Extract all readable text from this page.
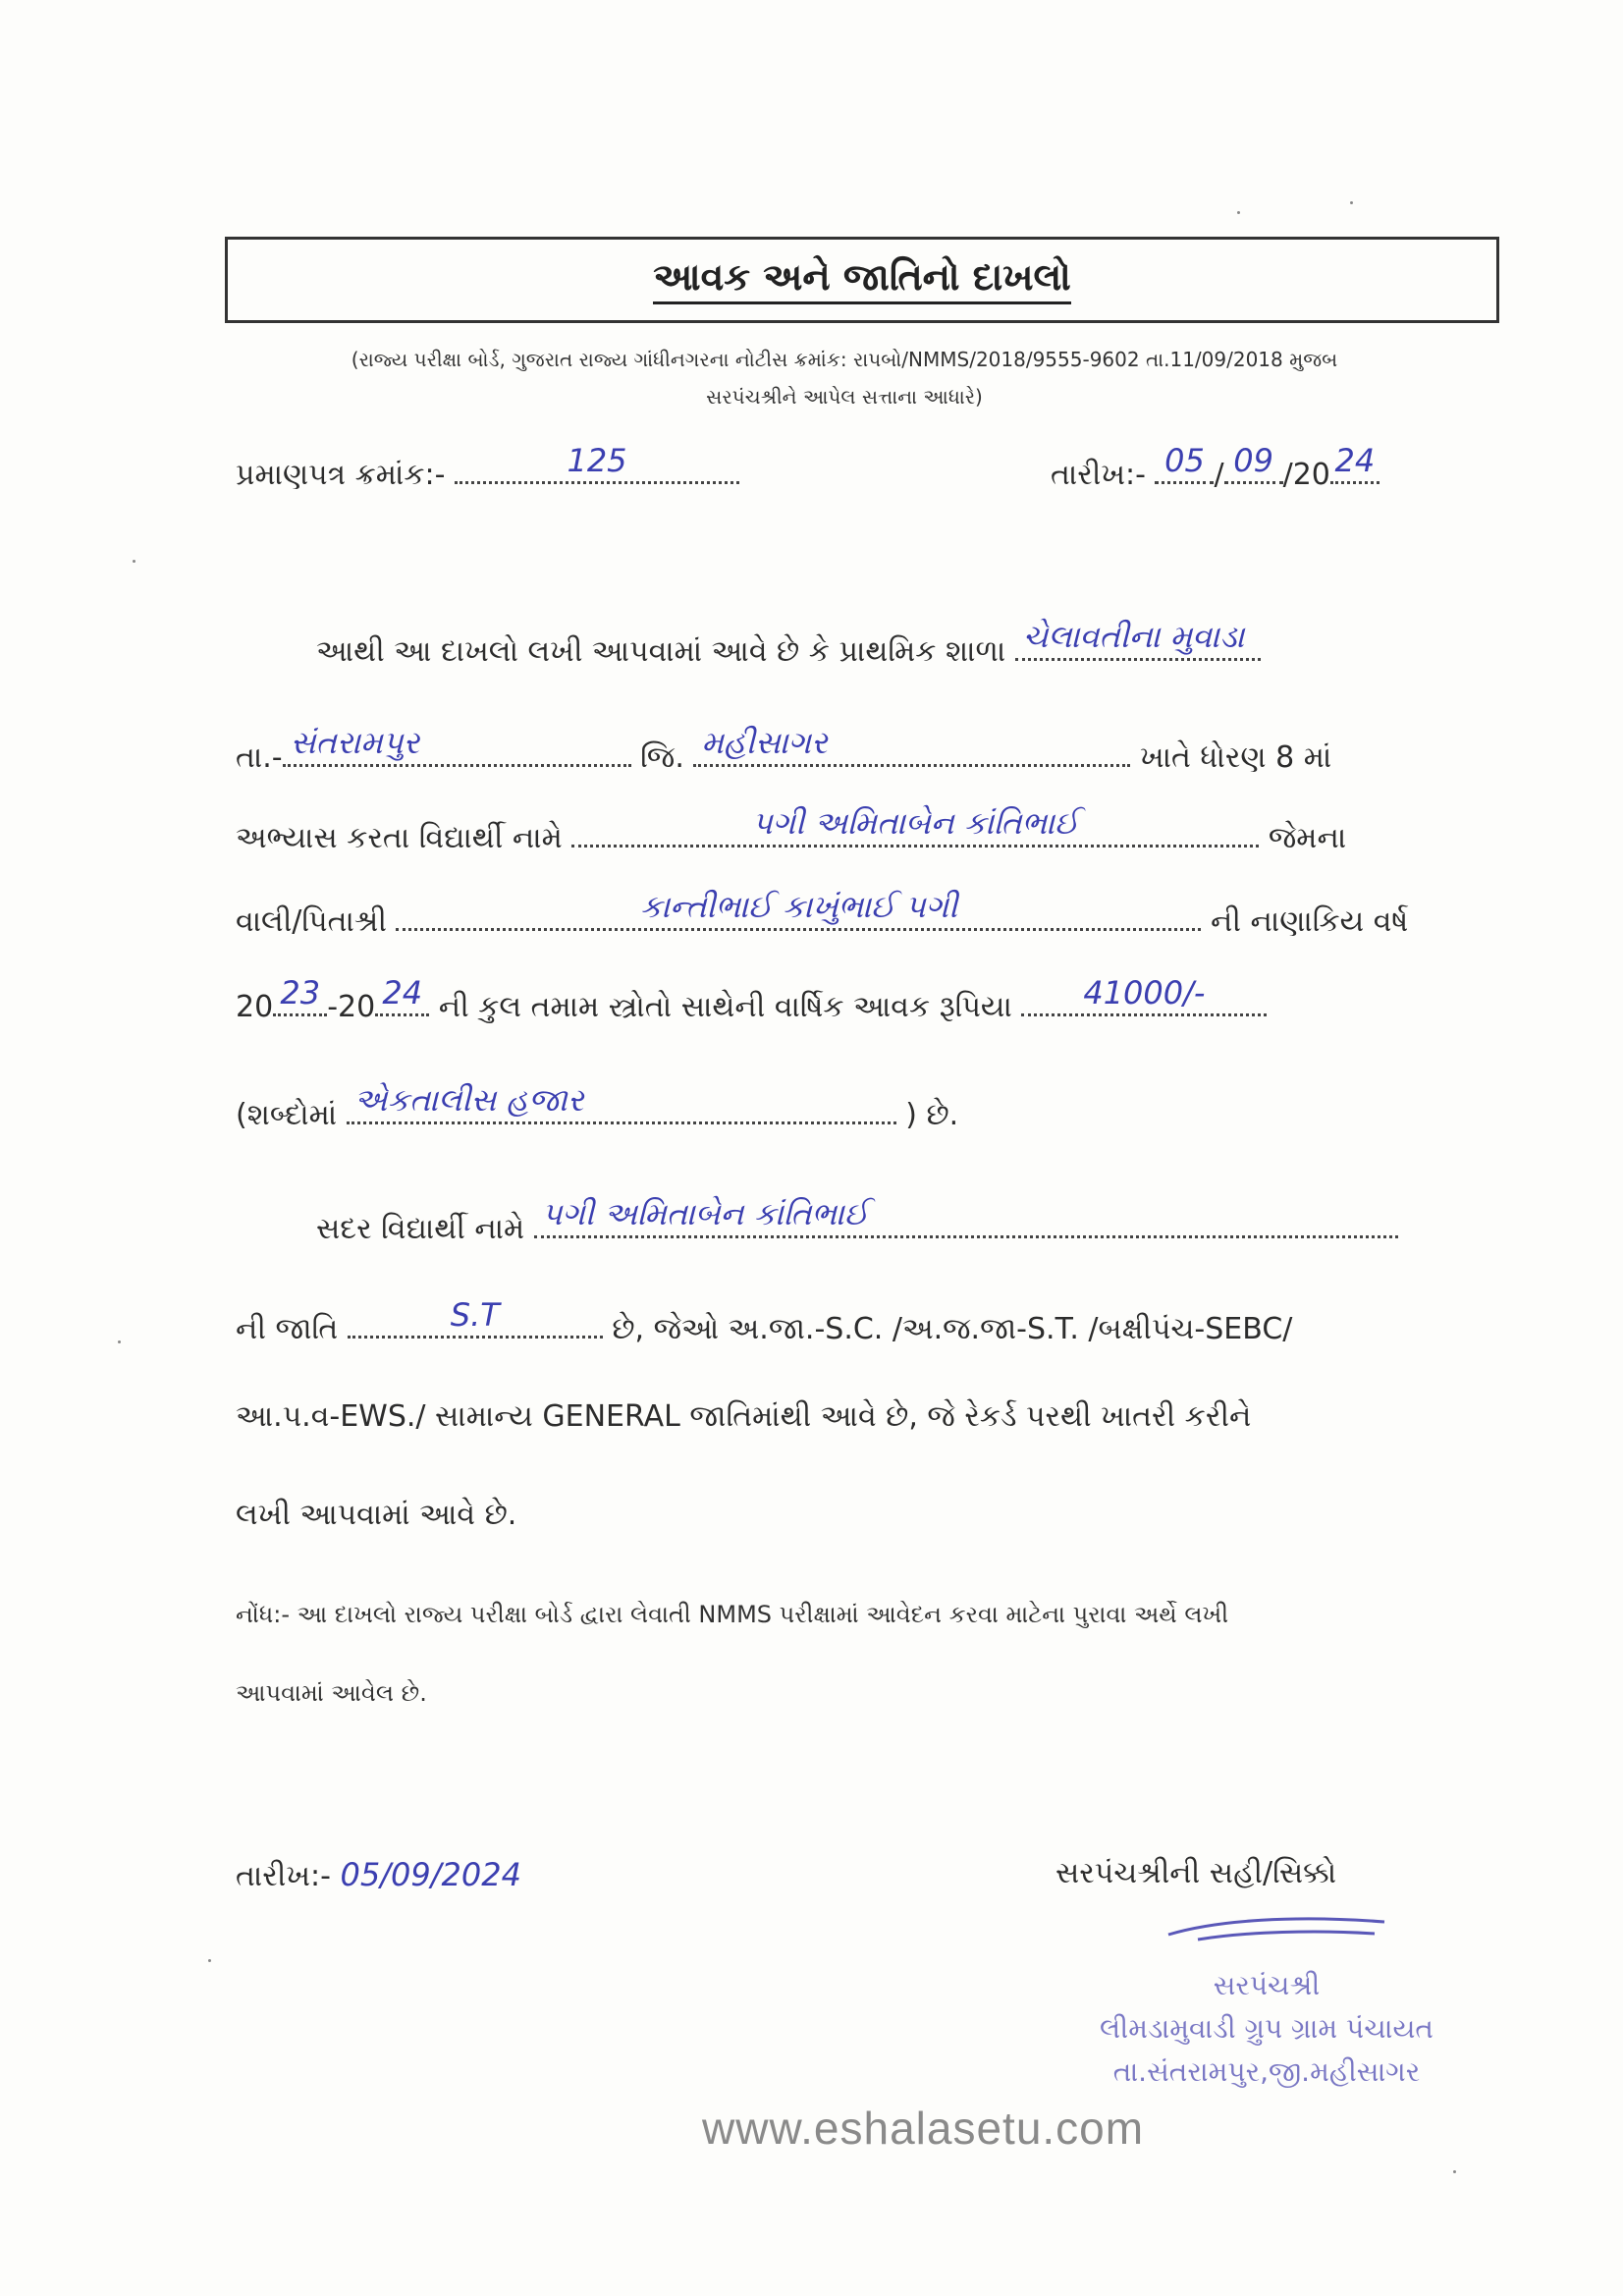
આવક અને જાતિનો દાખલો
(રાજ્ય પરીક્ષા બોર્ડ, ગુજરાત રાજ્ય ગાંધીનગરના નોટીસ ક્રમાંક: રાપબો/NMMS/2018/9555-9602 તા.11/09/2018 મુજબ
સરપંચશ્રીને આપેલ સત્તાના આધારે)
પ્રમાણપત્ર ક્રમાંક:-	125	તારીખ:- 05 / 09 /20 24
આથી આ દાખલો લખી આપવામાં આવે છે કે પ્રાથમિક શાળા ચેલાવતીના મુવાડા
તા.- સંતરામપુર	જિ. મહીસાગર	ખાતે ધોરણ 8 માં
અભ્યાસ કરતા વિદ્યાર્થી નામે	પગી અમિતાબેન કાંતિભાઈ	જેમના
વાલી/પિતાશ્રી	કાન્તીભાઈ કાખુંભાઈ પગી	ની નાણાકિય વર્ષ
20 23 -20 24 ની કુલ તમામ સ્ત્રોતો સાથેની વાર્ષિક આવક રૂપિયા	41000/-
(શબ્દોમાં એકતાલીસ હજાર	) છે.
સદર વિદ્યાર્થી નામે પગી અમિતાબેન કાંતિભાઈ
ની જાતિ	S.T	છે, જેઓ અ.જા.-S.C. /અ.જ.જા-S.T. /બક્ષીપંચ-SEBC/
આ.પ.વ-EWS./ સામાન્ય GENERAL જાતિમાંથી આવે છે, જે રેકર્ડ પરથી ખાતરી કરીને
લખી આપવામાં આવે છે.
નોંધ:- આ દાખલો રાજ્ય પરીક્ષા બોર્ડ દ્વારા લેવાતી NMMS પરીક્ષામાં આવેદન કરવા માટેના પુરાવા અર્થે લખી
આપવામાં આવેલ છે.
તારીખ:- 05/09/2024	સરપંચશ્રીની સહી/સિક્કો
સરપંચશ્રી
લીમડામુવાડી ગ્રુપ ગ્રામ પંચાયત
તા.સંતરામપુર,જી.મહીસાગર
www.eshalasetu.com
